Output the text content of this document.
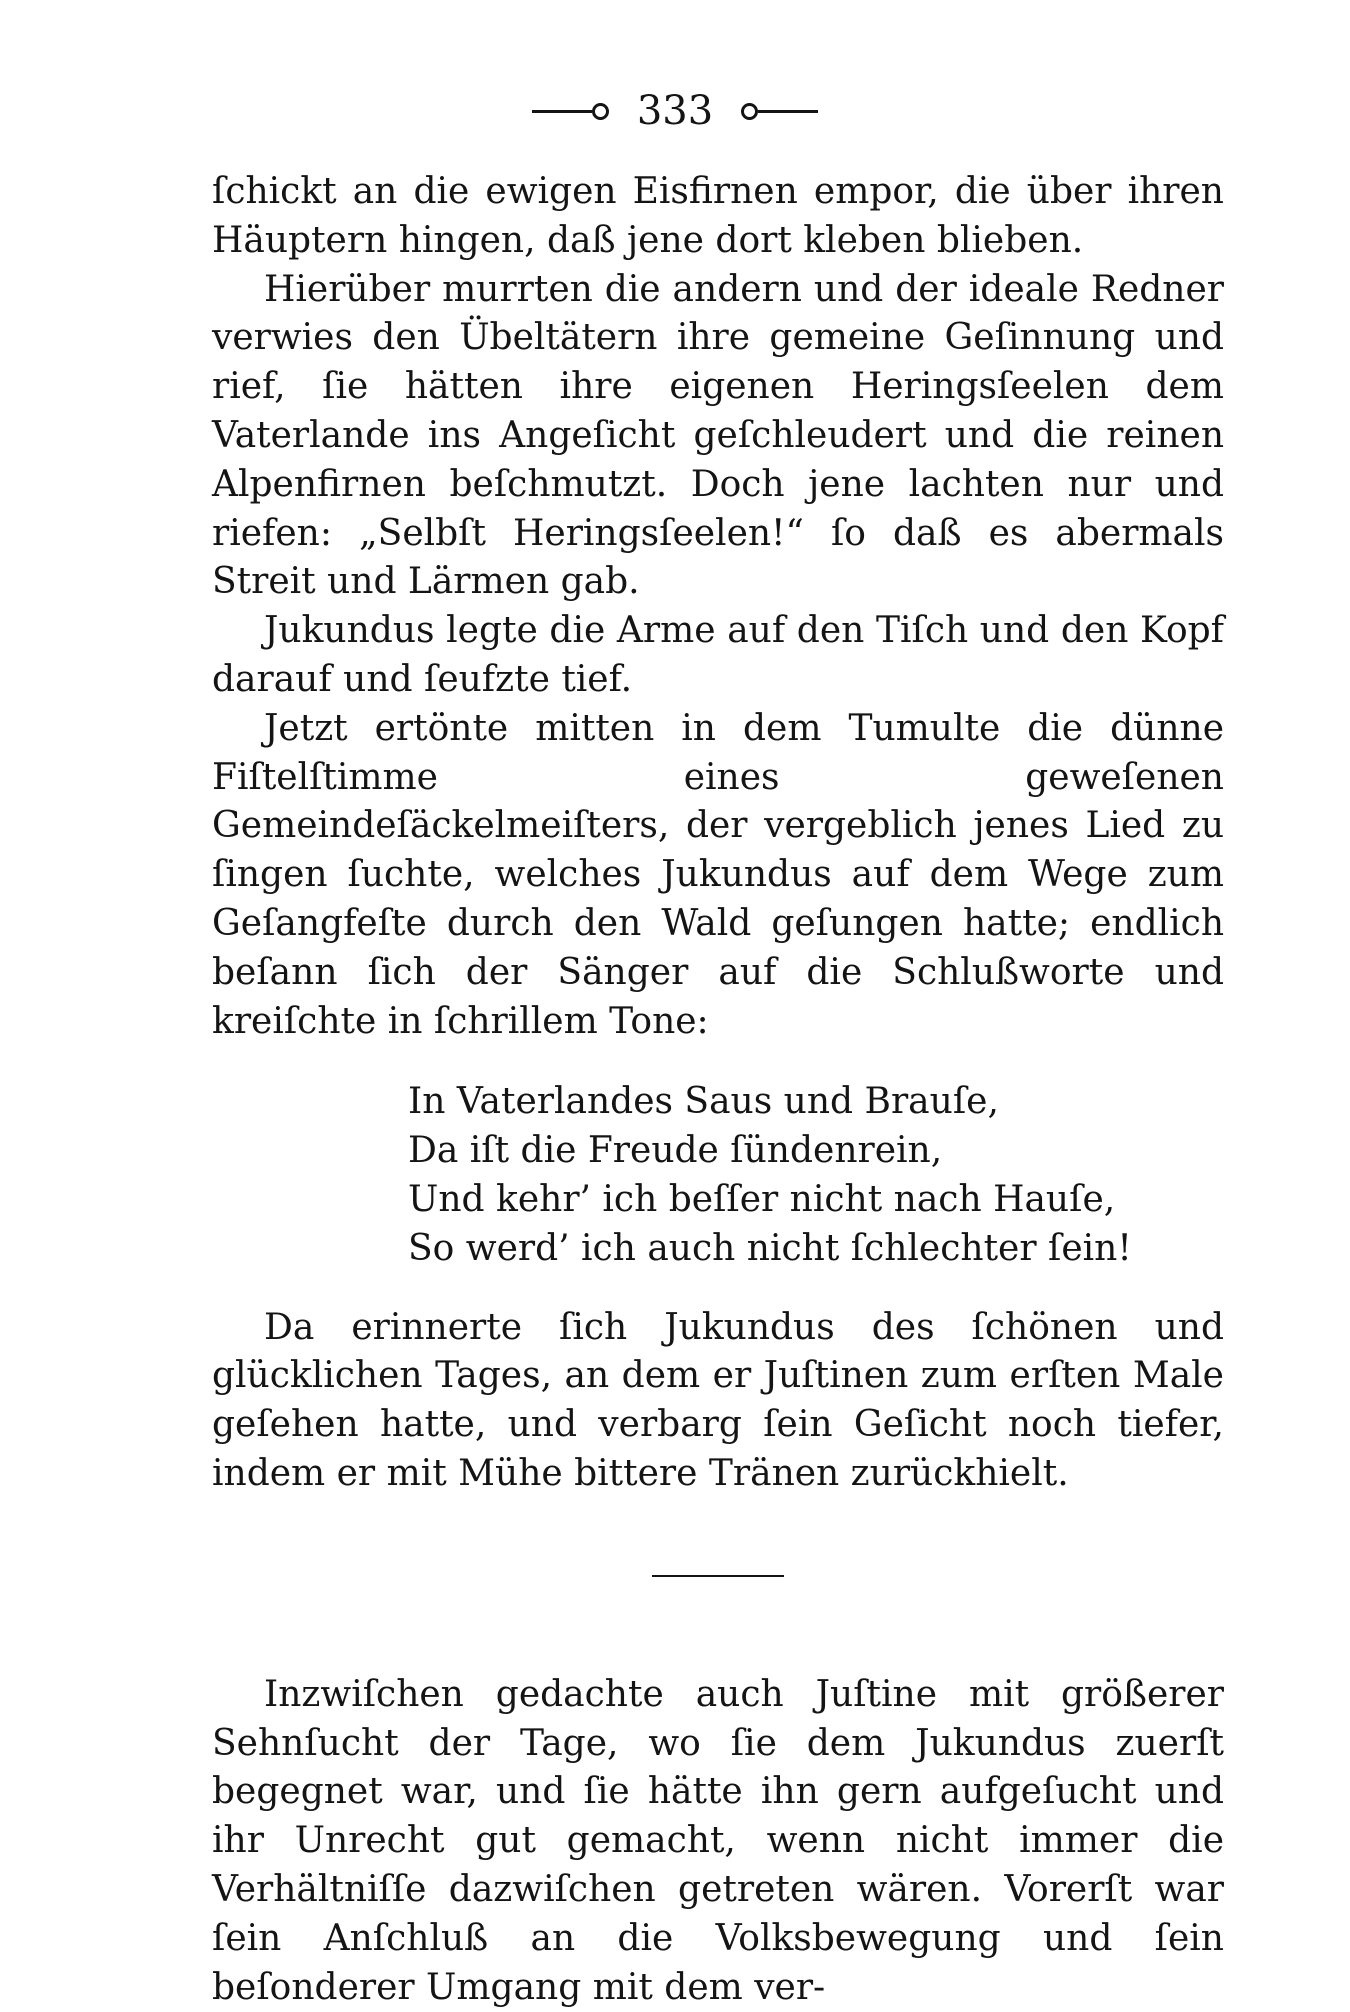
333

ſchickt an die ewigen Eisfirnen empor, die über ihren Häuptern hingen, daß jene dort kleben blieben.

Hierüber murrten die andern und der ideale Redner verwies den Übeltätern ihre gemeine Geſinnung und rief, ſie hätten ihre eigenen Heringsſeelen dem Vaterlande ins Angeſicht geſchleudert und die reinen Alpenfirnen beſchmutzt. Doch jene lachten nur und riefen: „Selbſt Heringsſeelen!“ ſo daß es abermals Streit und Lärmen gab.

Jukundus legte die Arme auf den Tiſch und den Kopf darauf und ſeufzte tief.

Jetzt ertönte mitten in dem Tumulte die dünne Fiſtelſtimme eines geweſenen Gemeindeſäckelmeiſters, der vergeblich jenes Lied zu ſingen ſuchte, welches Jukundus auf dem Wege zum Geſangfeſte durch den Wald geſungen hatte; endlich beſann ſich der Sänger auf die Schlußworte und kreiſchte in ſchrillem Tone:

In Vaterlandes Saus und Brauſe,
Da iſt die Freude ſündenrein,
Und kehr’ ich beſſer nicht nach Hauſe,
So werd’ ich auch nicht ſchlechter ſein!

Da erinnerte ſich Jukundus des ſchönen und glücklichen Tages, an dem er Juſtinen zum erſten Male geſehen hatte, und verbarg ſein Geſicht noch tiefer, indem er mit Mühe bittere Tränen zurückhielt.

Inzwiſchen gedachte auch Juſtine mit größerer Sehnſucht der Tage, wo ſie dem Jukundus zuerſt begegnet war, und ſie hätte ihn gern aufgeſucht und ihr Unrecht gut gemacht, wenn nicht immer die Verhältniſſe dazwiſchen getreten wären. Vorerſt war ſein Anſchluß an die Volksbewegung und ſein beſonderer Umgang mit dem ver-
